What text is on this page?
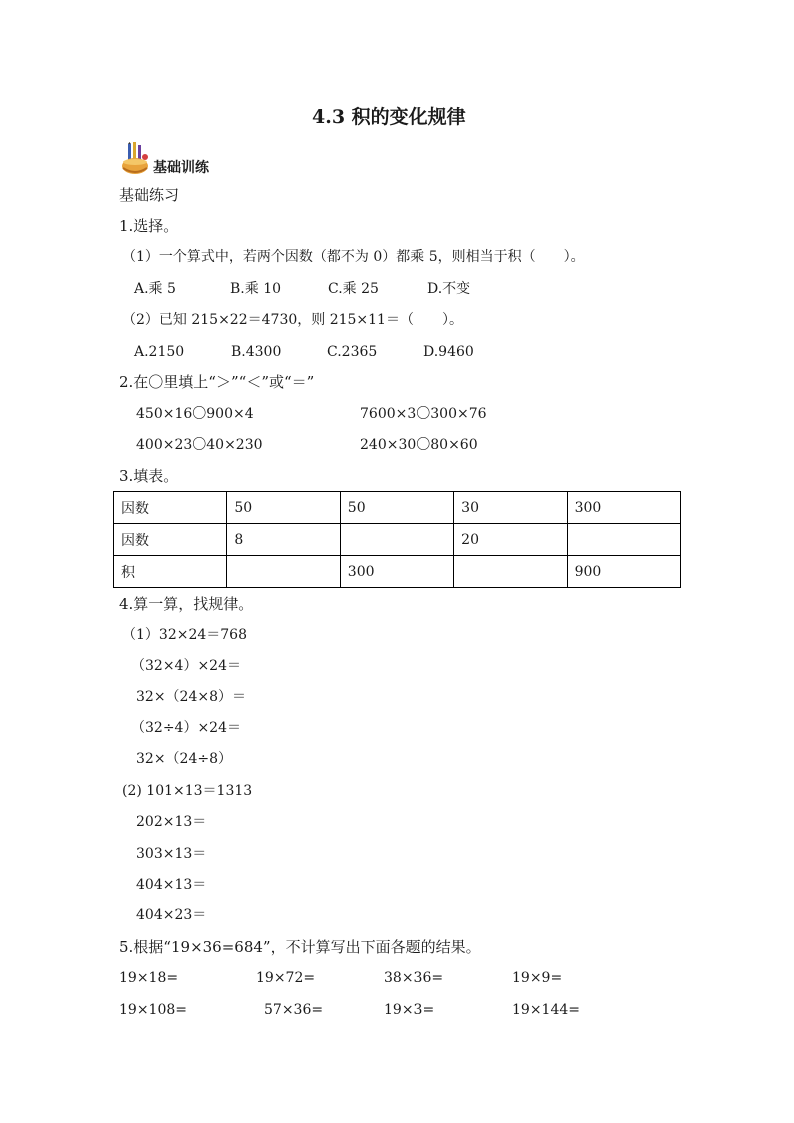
4.3 积的变化规律
基础训练
基础练习
1.选择。
（1）一个算式中，若两个因数（都不为 0）都乘 5，则相当于积（　　）。
A.乘 5	B.乘 10	C.乘 25	D.不变
（2）已知 215×22＝4730，则 215×11＝（　　）。
A.2150	B.4300	C.2365	D.9460
2.在〇里填上“＞”“＜”或“＝”
450×16〇900×4	7600×3〇300×76
400×23〇40×230	240×30〇80×60
3.填表。
因数	50	50	30	300
因数	8		20	
积		300		900
4.算一算，找规律。
（1）32×24＝768
（32×4）×24＝
32×（24×8）＝
（32÷4）×24＝
32×（24÷8）
(2) 101×13＝1313
202×13＝
303×13＝
404×13＝
404×23＝
5.根据“19×36=684”，不计算写出下面各题的结果。
19×18=	19×72=	38×36=	19×9=
19×108=	57×36=	19×3=	19×144=
